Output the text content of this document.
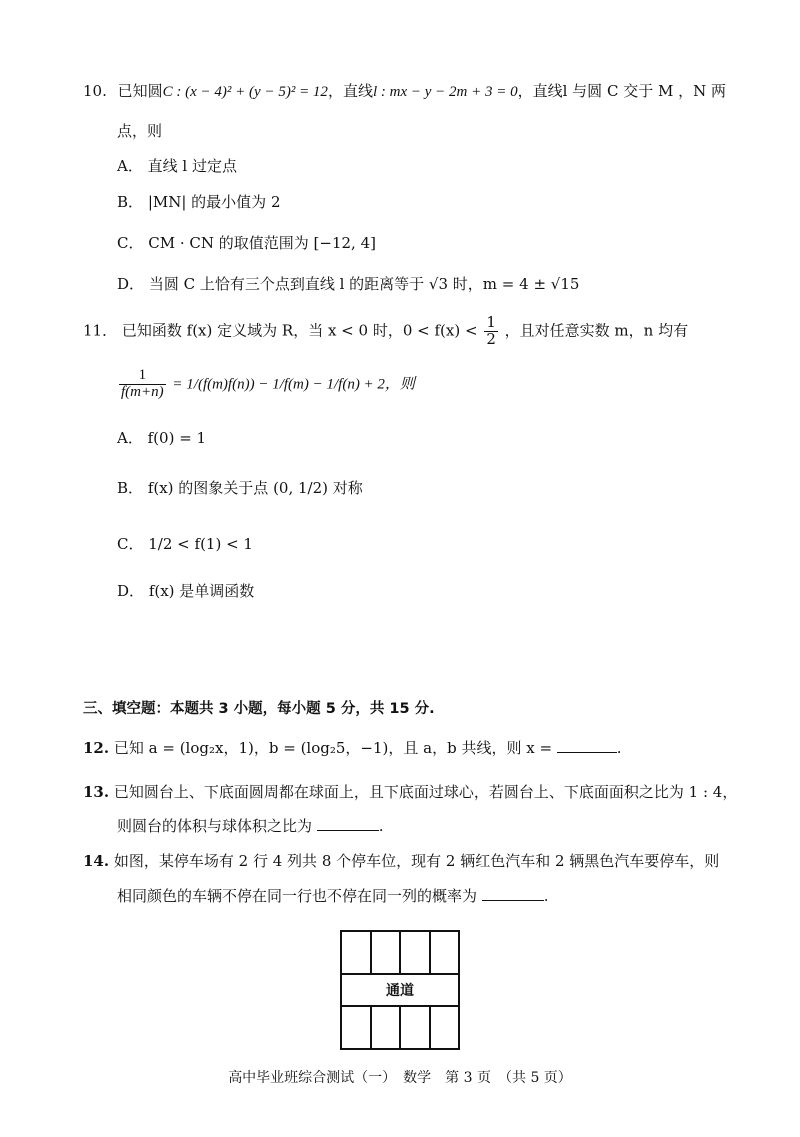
10. 已知圆C : (x − 4)² + (y − 5)² = 12，直线l : mx − y − 2m + 3 = 0，直线l 与圆 C 交于 M ，N 两
点，则
A． 直线 l 过定点
B． |MN| 的最小值为 2
C． CM · CN 的取值范围为 [−12, 4]
D． 当圆 C 上恰有三个点到直线 l 的距离等于 √3 时，m = 4 ± √15
11． 已知函数 f(x) 定义域为 R，当 x < 0 时，$0 < f(x) < \frac{1}{2}$ ，且对任意实数 m，n 均有
$\frac{1}{f(m+n)} = 1/(f(m)f(n)) - 1/f(m) - 1/f(n) + 2$，则
A． f(0) = 1
B． f(x) 的图象关于点 (0, 1/2) 对称
C． 1/2 < f(1) < 1
D． f(x) 是单调函数
三、填空题：本题共 3 小题，每小题 5 分，共 15 分.
12. 已知 a = (log₂x，1)，b = (log₂5，−1)，且 a，b 共线，则 x =	.
13. 已知圆台上、下底面圆周都在球面上，且下底面过球心，若圆台上、下底面面积之比为 1 : 4，
则圆台的体积与球体积之比为	.
14. 如图，某停车场有 2 行 4 列共 8 个停车位，现有 2 辆红色汽车和 2 辆黑色汽车要停车，则
相同颜色的车辆不停在同一行也不停在同一列的概率为	.
通道
高中毕业班综合测试（一）　数学　第 3 页　（共 5 页）
